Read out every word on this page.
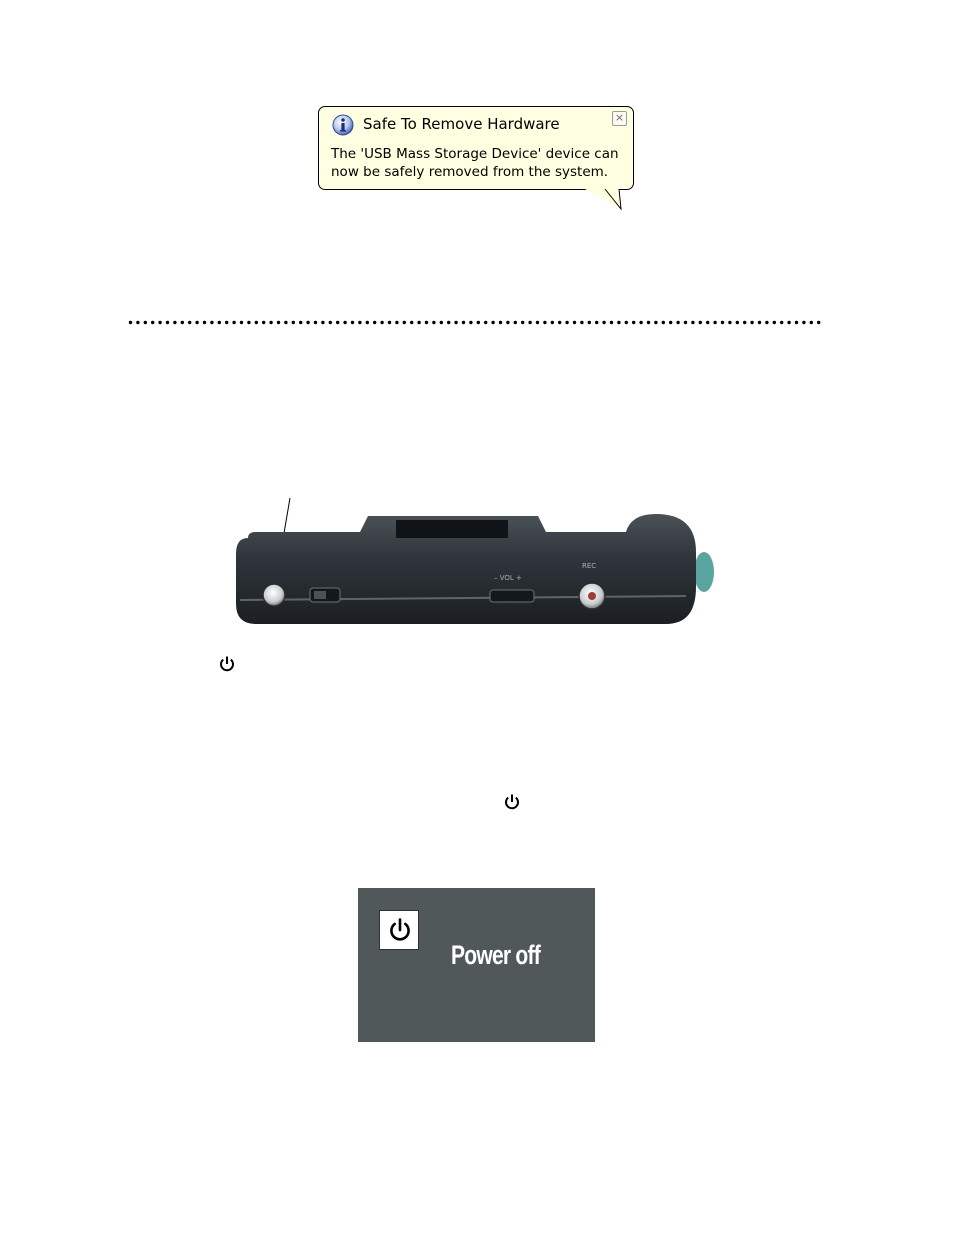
Safe To Remove Hardware	×
The 'USB Mass Storage Device' device can now be safely removed from the system.
– VOL +
REC
Power off
